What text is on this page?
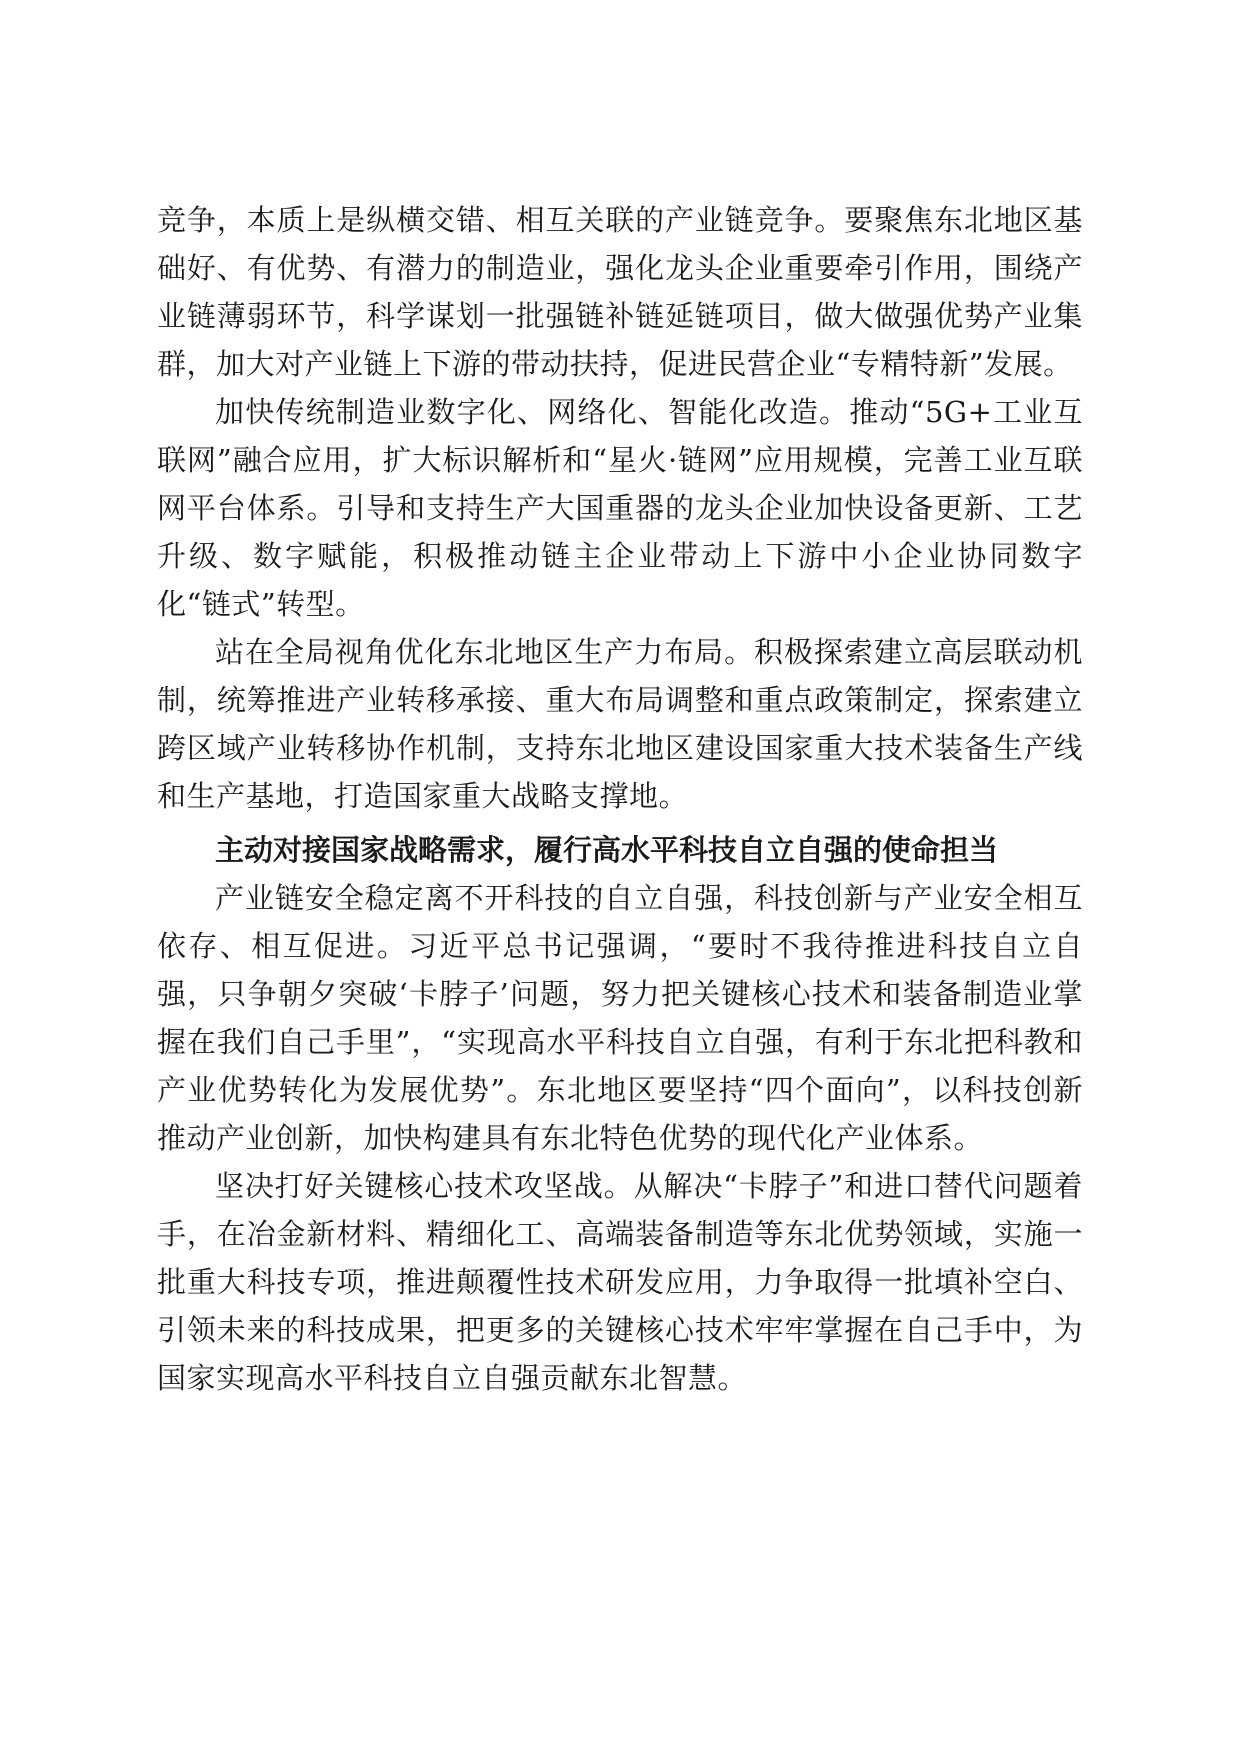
竞争，本质上是纵横交错、相互关联的产业链竞争。要聚焦东北地区基础好、有优势、有潜力的制造业，强化龙头企业重要牵引作用，围绕产业链薄弱环节，科学谋划一批强链补链延链项目，做大做强优势产业集群，加大对产业链上下游的带动扶持，促进民营企业“专精特新”发展。

加快传统制造业数字化、网络化、智能化改造。推动“5G+工业互联网”融合应用，扩大标识解析和“星火·链网”应用规模，完善工业互联网平台体系。引导和支持生产大国重器的龙头企业加快设备更新、工艺升级、数字赋能，积极推动链主企业带动上下游中小企业协同数字化“链式”转型。

站在全局视角优化东北地区生产力布局。积极探索建立高层联动机制，统筹推进产业转移承接、重大布局调整和重点政策制定，探索建立跨区域产业转移协作机制，支持东北地区建设国家重大技术装备生产线和生产基地，打造国家重大战略支撑地。

主动对接国家战略需求，履行高水平科技自立自强的使命担当

产业链安全稳定离不开科技的自立自强，科技创新与产业安全相互依存、相互促进。习近平总书记强调，“要时不我待推进科技自立自强，只争朝夕突破‘卡脖子’问题，努力把关键核心技术和装备制造业掌握在我们自己手里”，“实现高水平科技自立自强，有利于东北把科教和产业优势转化为发展优势”。东北地区要坚持“四个面向”，以科技创新推动产业创新，加快构建具有东北特色优势的现代化产业体系。

坚决打好关键核心技术攻坚战。从解决“卡脖子”和进口替代问题着手，在冶金新材料、精细化工、高端装备制造等东北优势领域，实施一批重大科技专项，推进颠覆性技术研发应用，力争取得一批填补空白、引领未来的科技成果，把更多的关键核心技术牢牢掌握在自己手中，为国家实现高水平科技自立自强贡献东北智慧。
